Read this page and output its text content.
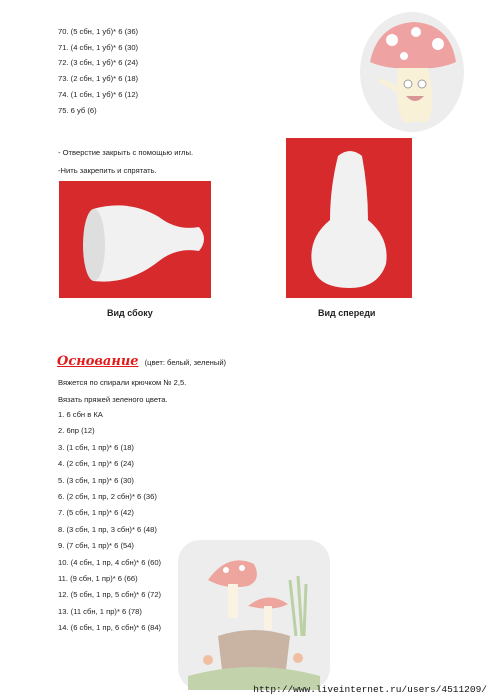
70. (5 сбн, 1 уб)* 6 (36)
71. (4 сбн, 1 уб)* 6 (30)
72. (3 сбн, 1 уб)* 6 (24)
73. (2 сбн, 1 уб)* 6 (18)
74. (1 сбн, 1 уб)* 6 (12)
75. 6 уб (6)
- Отверстие закрыть с помощью иглы.
-Нить закрепить и спрятать.
Вид сбоку	Вид спереди
Основание (цвет: белый, зеленый)
Вяжется по спирали крючком № 2,5.
Вязать пряжей зеленого цвета.
1. 6 сбн в КА
2. 6пр (12)
3. (1 сбн, 1 пр)* 6 (18)
4. (2 сбн, 1 пр)* 6 (24)
5. (3 сбн, 1 пр)* 6 (30)
6. (2 сбн, 1 пр, 2 сбн)* 6 (36)
7. (5 сбн, 1 пр)* 6 (42)
8. (3 сбн, 1 пр, 3 сбн)* 6 (48)
9. (7 сбн, 1 пр)* 6 (54)
10. (4 сбн, 1 пр, 4 сбн)* 6 (60)
11. (9 сбн, 1 пр)* 6 (66)
12. (5 сбн, 1 пр, 5 сбн)* 6 (72)
13. (11 сбн, 1 пр)* 6 (78)
14. (6 сбн, 1 пр, 6 сбн)* 6 (84)
http://www.liveinternet.ru/users/4511209/
